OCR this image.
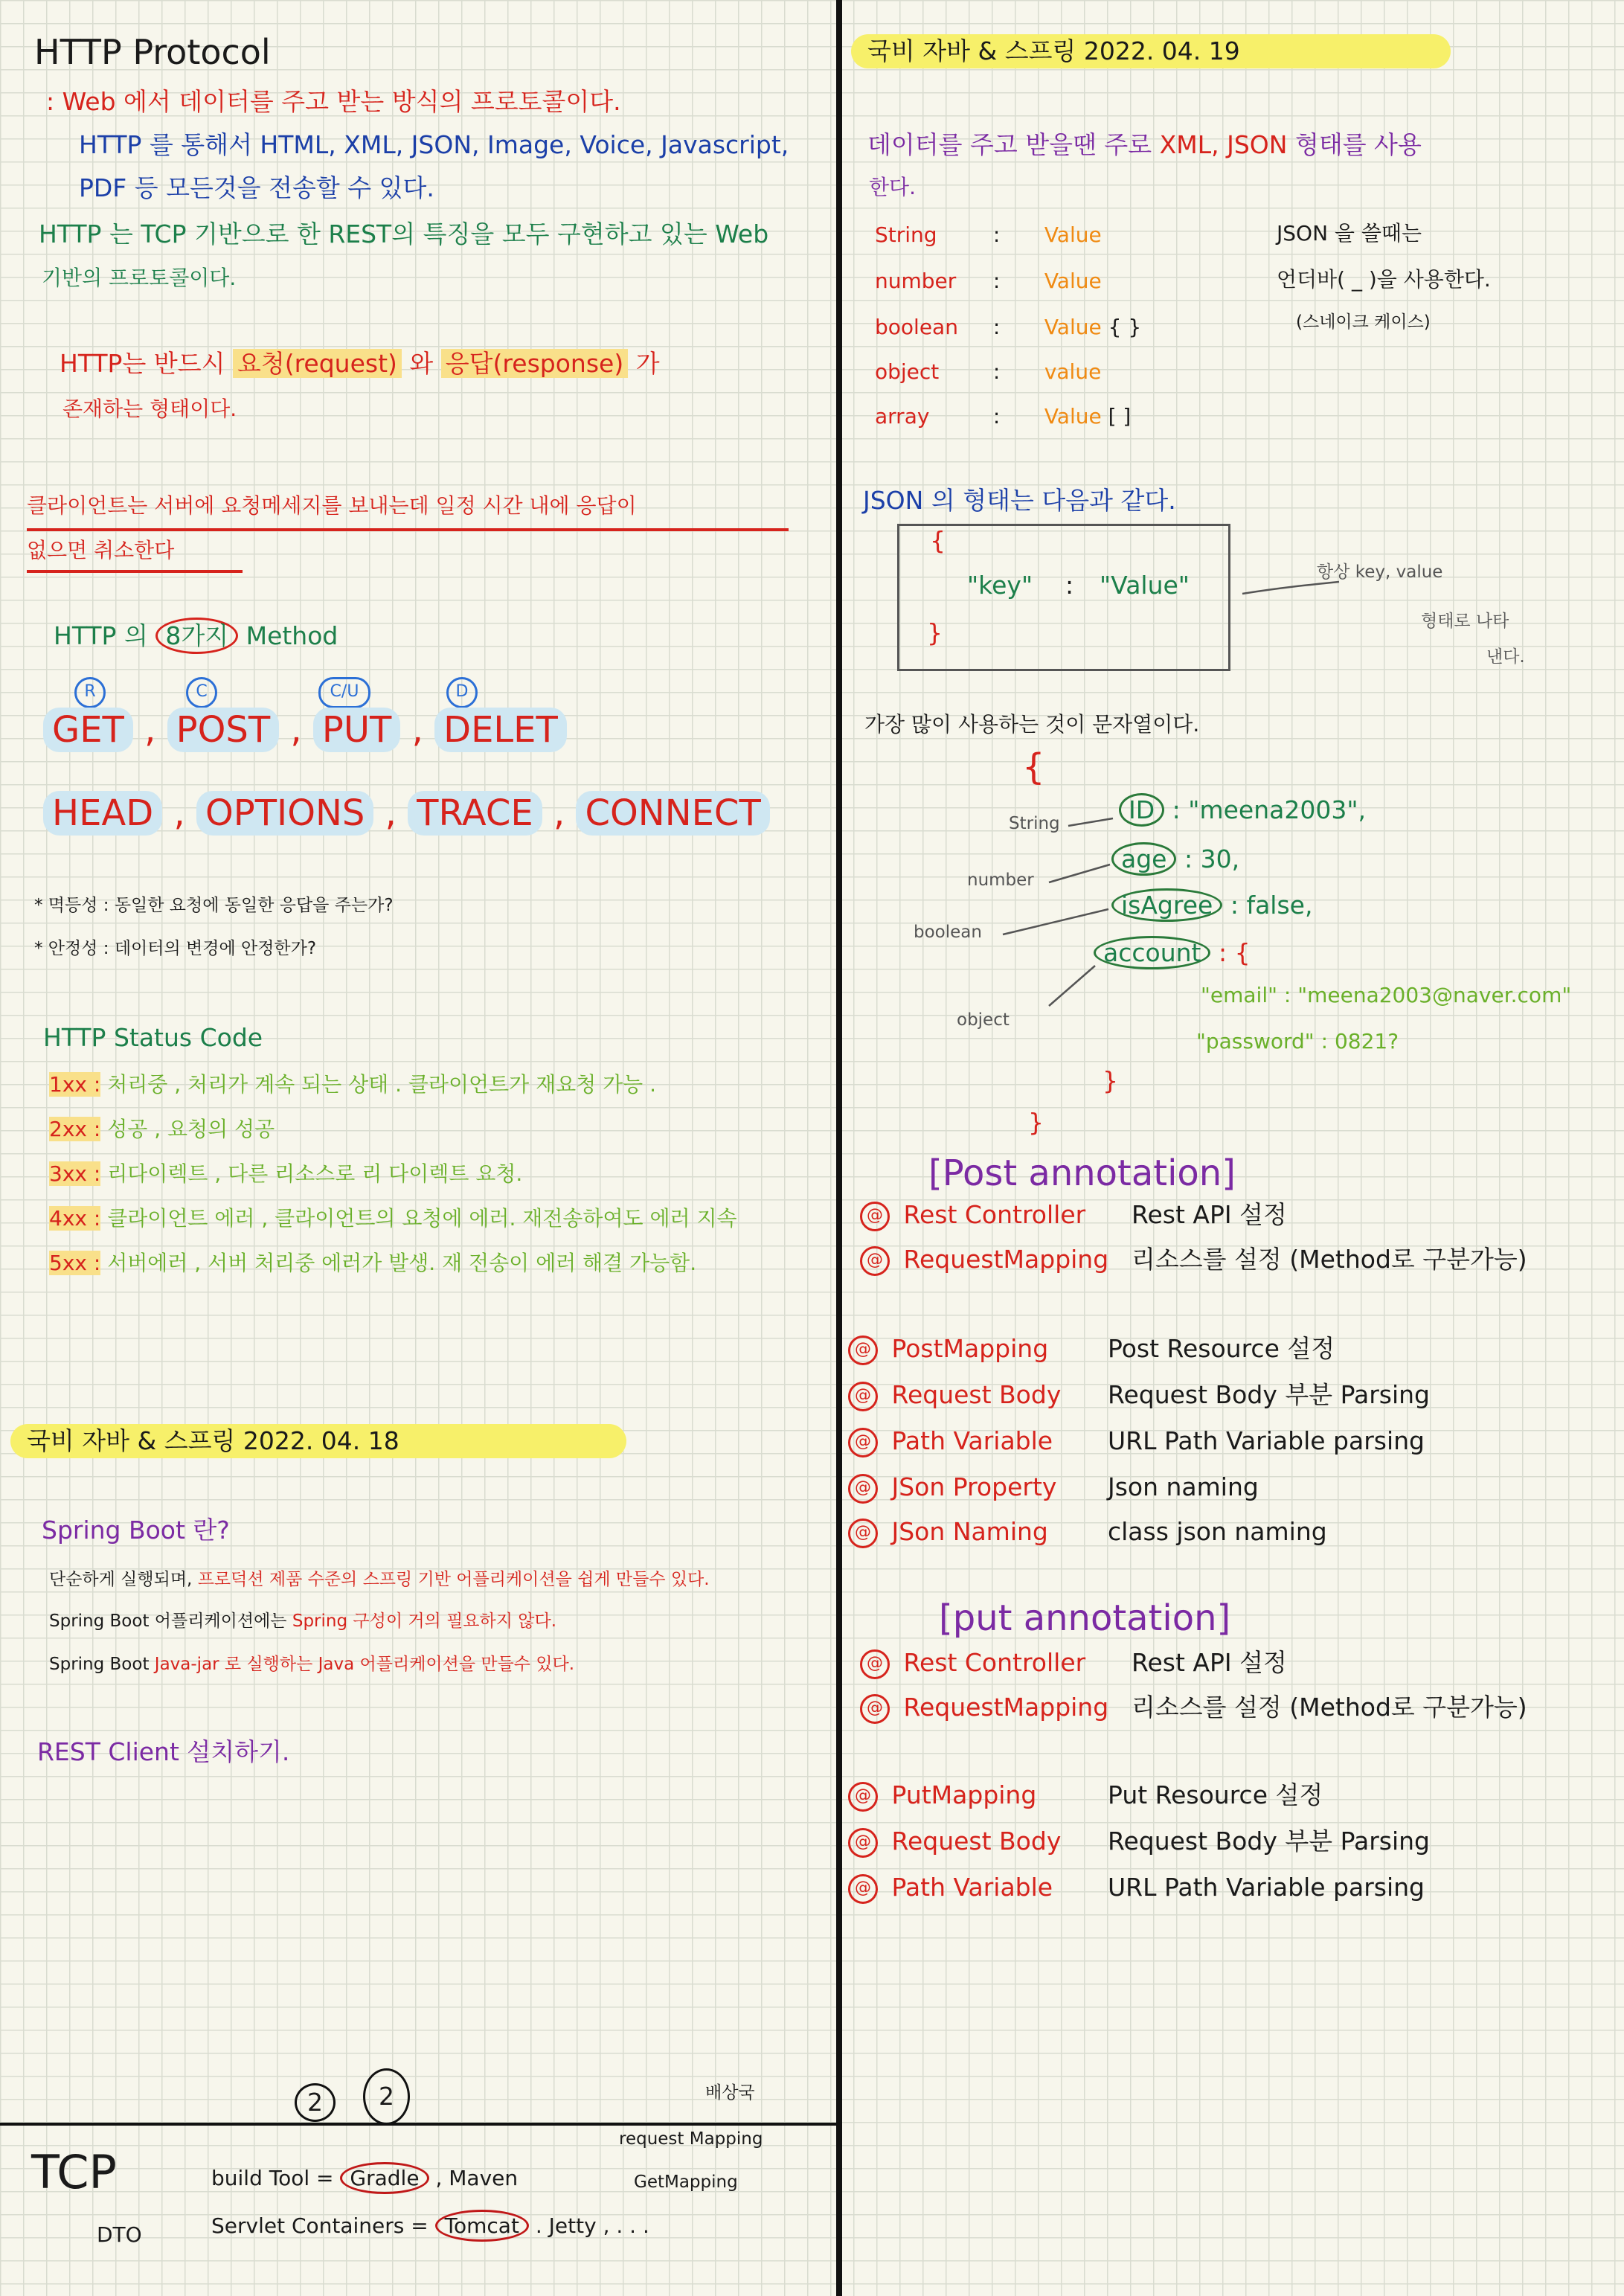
HTTP Protocol
: Web 에서 데이터를 주고 받는 방식의 프로토콜이다.
HTTP 를 통해서 HTML, XML, JSON, Image, Voice, Javascript,
PDF 등 모든것을 전송할 수 있다.
HTTP 는 TCP 기반으로 한 REST의 특징을 모두 구현하고 있는 Web
기반의 프로토콜이다.
HTTP는 반드시 요청(request) 와 응답(response) 가
존재하는 형태이다.
클라이언트는 서버에 요청메세지를 보내는데 일정 시간 내에 응답이
없으면 취소한다
HTTP 의 8가지 Method
R	C	C/U	D
GET , POST , PUT , DELET
HEAD , OPTIONS , TRACE , CONNECT
* 멱등성 : 동일한 요청에 동일한 응답을 주는가?
* 안정성 : 데이터의 변경에 안정한가?
HTTP Status Code
1xx : 처리중 , 처리가 계속 되는 상태 . 클라이언트가 재요청 가능 .
2xx : 성공 , 요청의 성공
3xx : 리다이렉트 , 다른 리소스로 리 다이렉트 요청.
4xx : 클라이언트 에러 , 클라이언트의 요청에 에러. 재전송하여도 에러 지속
5xx : 서버에러 , 서버 처리중 에러가 발생. 재 전송이 에러 해결 가능함.
국비 자바 & 스프링 2022. 04. 18
Spring Boot 란?
단순하게 실행되며, 프로덕션 제품 수준의 스프링 기반 어플리케이션을 쉽게 만들수 있다.
Spring Boot 어플리케이션에는 Spring 구성이 거의 필요하지 않다.
Spring Boot Java-jar 로 실행하는 Java 어플리케이션을 만들수 있다.
REST Client 설치하기.
2	2	배상국
TCP
DTO
build Tool = Gradle , Maven
Servlet Containers = Tomcat . Jetty , . . .
request Mapping
GetMapping
국비 자바 & 스프링 2022. 04. 19
데이터를 주고 받을땐 주로 XML, JSON 형태를 사용
한다.
String	: Value
number : Value
boolean : Value { }
object	: value
array	: Value [ ]
JSON 을 쓸때는
언더바( _ )을 사용한다.
(스네이크 케이스)
JSON 의 형태는 다음과 같다.
{
"key" : "Value"
}
항상 key, value
형태로 나타
낸다.
가장 많이 사용하는 것이 문자열이다.
{
ID : "meena2003",
age : 30,
isAgree : false,
account : {
"email" : "meena2003@naver.com"
"password" : 0821?
}
}
String
number
boolean
object
[Post annotation]
@ Rest Controller Rest API 설정
@ RequestMapping 리소스를 설정 (Method로 구분가능)
@ PostMapping Post Resource 설정
@ Request Body Request Body 부분 Parsing
@ Path Variable URL Path Variable parsing
@ JSon Property Json naming
@ JSon Naming class json naming
[put annotation]
@ Rest Controller Rest API 설정
@ RequestMapping 리소스를 설정 (Method로 구분가능)
@ PutMapping	Put Resource 설정
@ Request Body Request Body 부분 Parsing
@ Path Variable URL Path Variable parsing
